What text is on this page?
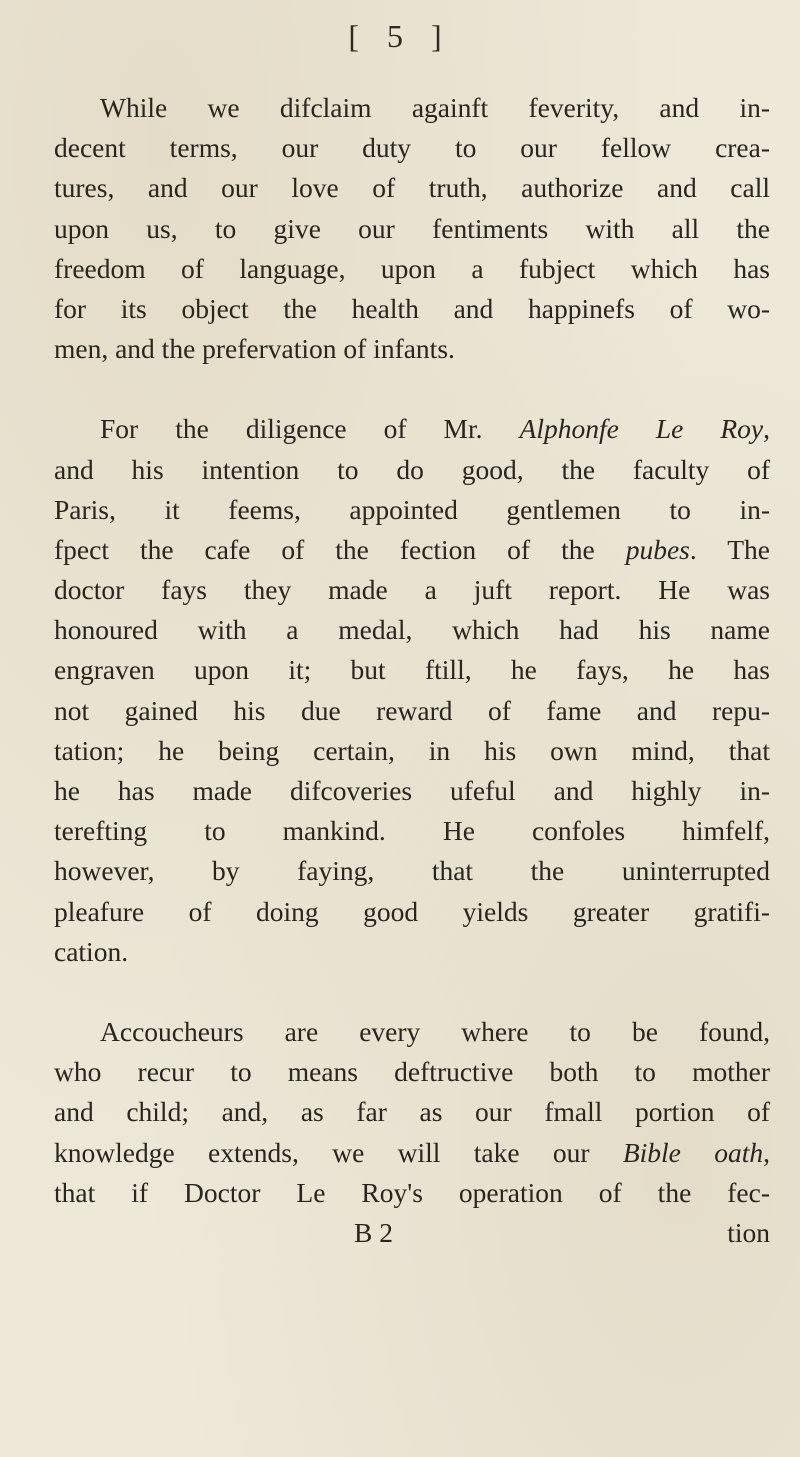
[ 5 ]
While we difclaim againft feverity, and in-
decent terms, our duty to our fellow crea-
tures, and our love of truth, authorize and call
upon us, to give our fentiments with all the
freedom of language, upon a fubject which has
for its object the health and happinefs of wo-
men, and the prefervation of infants.
For the diligence of Mr. Alphonfe Le Roy,
and his intention to do good, the faculty of
Paris, it feems, appointed gentlemen to in-
fpect the cafe of the fection of the pubes. The
doctor fays they made a juft report. He was
honoured with a medal, which had his name
engraven upon it; but ftill, he fays, he has
not gained his due reward of fame and repu-
tation; he being certain, in his own mind, that
he has made difcoveries ufeful and highly in-
terefting to mankind. He confoles himfelf,
however, by faying, that the uninterrupted
pleafure of doing good yields greater gratifi-
cation.
Accoucheurs are every where to be found,
who recur to means deftructive both to mother
and child; and, as far as our fmall portion of
knowledge extends, we will take our Bible oath,
that if Doctor Le Roy's operation of the fec-
B 2	tion
